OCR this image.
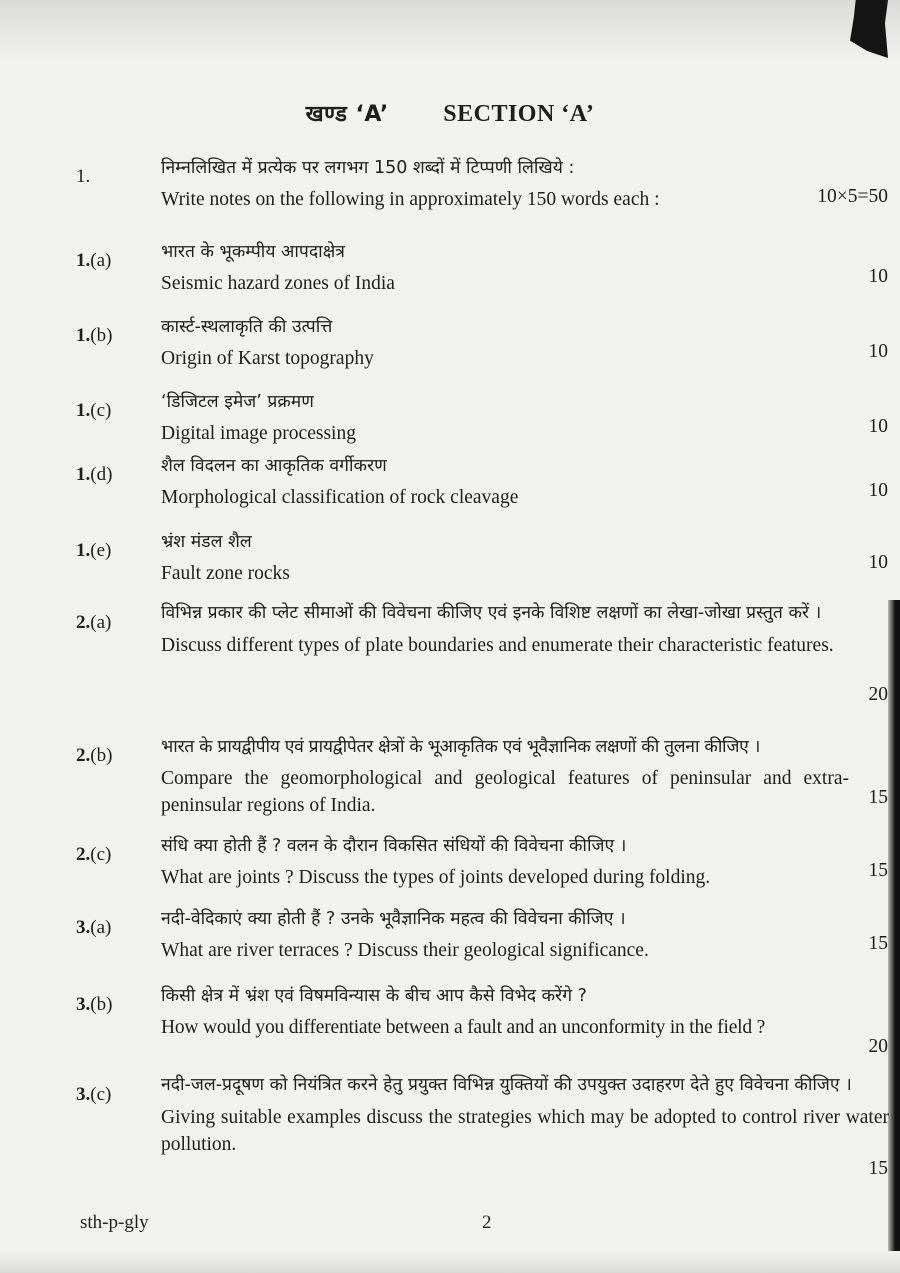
खण्ड ‘A’ SECTION ‘A’
1.	निम्नलिखित में प्रत्येक पर लगभग 150 शब्दों में टिप्पणी लिखिये :
Write notes on the following in approximately 150 words each :	10×5=50
1.(a)	भारत के भूकम्पीय आपदाक्षेत्र
Seismic hazard zones of India	10
1.(b)	कार्स्ट-स्थलाकृति की उत्पत्ति
Origin of Karst topography	10
1.(c)	‘डिजिटल इमेज’ प्रक्रमण
Digital image processing	10
1.(d)	शैल विदलन का आकृतिक वर्गीकरण
Morphological classification of rock cleavage	10
1.(e)	भ्रंश मंडल शैल
Fault zone rocks
10
2.(a)	विभिन्न प्रकार की प्लेट सीमाओं की विवेचना कीजिए एवं इनके विशिष्ट लक्षणों का लेखा-जोखा प्रस्तुत करें ।
Discuss different types of plate boundaries and enumerate their characteristic features.
20
2.(b)	भारत के प्रायद्वीपीय एवं प्रायद्वीपेतर क्षेत्रों के भूआकृतिक एवं भूवैज्ञानिक लक्षणों की तुलना कीजिए ।
Compare the geomorphological and geological features of peninsular and extra-peninsular regions of India.	15
2.(c)	संधि क्या होती हैं ? वलन के दौरान विकसित संधियों की विवेचना कीजिए ।
What are joints ? Discuss the types of joints developed during folding.	15
3.(a)	नदी-वेदिकाएं क्या होती हैं ? उनके भूवैज्ञानिक महत्व की विवेचना कीजिए ।
What are river terraces ? Discuss their geological significance.	15
3.(b)	किसी क्षेत्र में भ्रंश एवं विषमविन्यास के बीच आप कैसे विभेद करेंगे ?
How would you differentiate between a fault and an unconformity in the field ?
20
3.(c)	नदी-जल-प्रदूषण को नियंत्रित करने हेतु प्रयुक्त विभिन्न युक्तियों की उपयुक्त उदाहरण देते हुए विवेचना कीजिए ।
Giving suitable examples discuss the strategies which may be adopted to control river water pollution.
15
sth-p-gly	2
